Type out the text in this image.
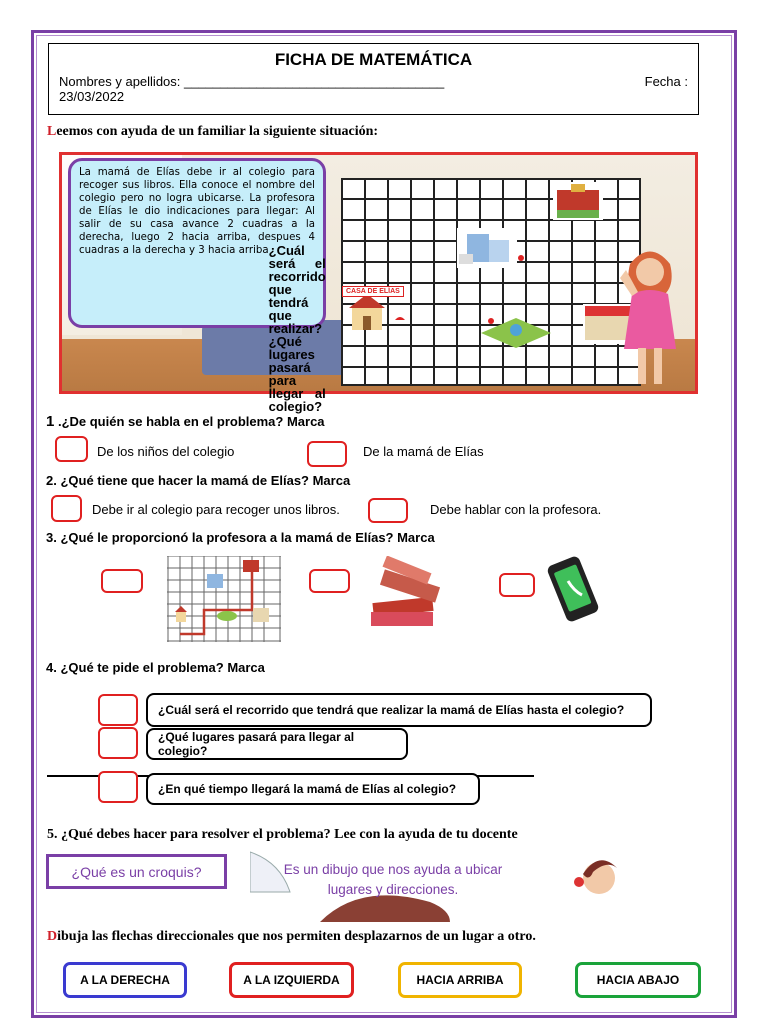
FICHA DE MATEMÁTICA
Nombres y apellidos: ____________________________________	Fecha :
23/03/2022
Leemos con ayuda de un familiar la siguiente situación:
La mamá de Elías debe ir al colegio para recoger sus libros. Ella conoce el nombre del colegio pero no logra ubicarse. La profesora de Elías le dio indicaciones para llegar: Al salir de su casa avance 2 cuadras a la derecha, luego 2 hacia arriba, despues 4 cuadras a la derecha y 3 hacia arriba ¿Cuál será el recorrido que tendrá que realizar?¿Qué lugares pasará para llegar al colegio?
CASA DE ELÍAS
1 .¿De quién se habla en el problema? Marca
De los niños del colegio	De la mamá de Elías
2. ¿Qué tiene que hacer la mamá de Elías? Marca
Debe ir al colegio para recoger unos libros.	Debe hablar con la profesora.
3. ¿Qué le proporcionó la profesora a la mamá de Elías? Marca
4. ¿Qué te pide el problema? Marca
¿Cuál será el recorrido que tendrá que realizar la mamá de Elías hasta el colegio?
¿Qué lugares pasará para llegar al colegio?
¿En qué tiempo llegará la mamá de Elías al colegio?
5. ¿Qué debes hacer para resolver el problema? Lee con la ayuda de tu docente
¿Qué es un croquis?	Es un dibujo que nos ayuda a ubicar lugares y direcciones.
Dibuja las flechas direccionales que nos permiten desplazarnos de un lugar a otro.
A LA DERECHA	A LA IZQUIERDA	HACIA ARRIBA	HACIA ABAJO
